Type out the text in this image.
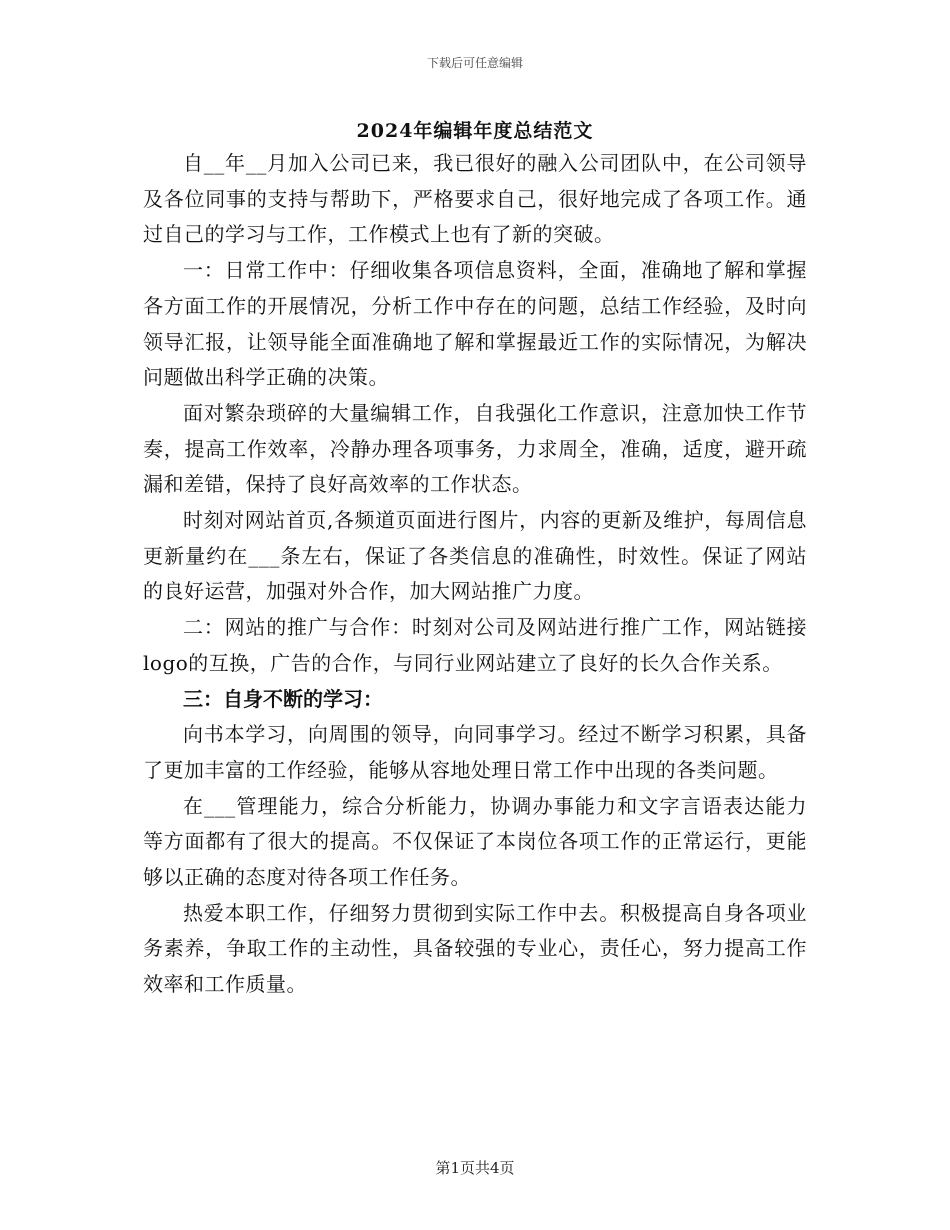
下载后可任意编辑
2024年编辑年度总结范文

自__年__月加入公司已来，我已很好的融入公司团队中，在公司领导及各位同事的支持与帮助下，严格要求自己，很好地完成了各项工作。通过自己的学习与工作，工作模式上也有了新的突破。

一：日常工作中：仔细收集各项信息资料，全面，准确地了解和掌握各方面工作的开展情况，分析工作中存在的问题，总结工作经验，及时向领导汇报，让领导能全面准确地了解和掌握最近工作的实际情况，为解决问题做出科学正确的决策。

面对繁杂琐碎的大量编辑工作，自我强化工作意识，注意加快工作节奏，提高工作效率，冷静办理各项事务，力求周全，准确，适度，避开疏漏和差错，保持了良好高效率的工作状态。

时刻对网站首页,各频道页面进行图片，内容的更新及维护，每周信息更新量约在___条左右，保证了各类信息的准确性，时效性。保证了网站的良好运营，加强对外合作，加大网站推广力度。

二：网站的推广与合作：时刻对公司及网站进行推广工作，网站链接logo的互换，广告的合作，与同行业网站建立了良好的长久合作关系。

三：自身不断的学习：

向书本学习，向周围的领导，向同事学习。经过不断学习积累，具备了更加丰富的工作经验，能够从容地处理日常工作中出现的各类问题。

在___管理能力，综合分析能力，协调办事能力和文字言语表达能力等方面都有了很大的提高。不仅保证了本岗位各项工作的正常运行，更能够以正确的态度对待各项工作任务。

热爱本职工作，仔细努力贯彻到实际工作中去。积极提高自身各项业务素养，争取工作的主动性，具备较强的专业心，责任心，努力提高工作效率和工作质量。

第1页共4页
